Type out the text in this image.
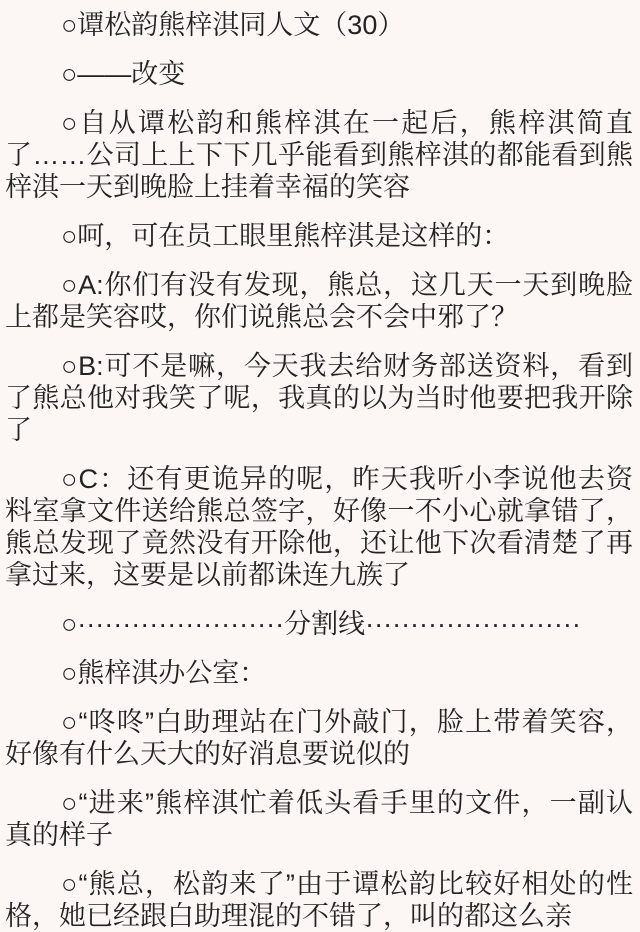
○谭松韵熊梓淇同人文（30）

○——改变

○自从谭松韵和熊梓淇在一起后，熊梓淇简直了……公司上上下下几乎能看到熊梓淇的都能看到熊梓淇一天到晚脸上挂着幸福的笑容

○呵，可在员工眼里熊梓淇是这样的：

○A:你们有没有发现，熊总，这几天一天到晚脸上都是笑容哎，你们说熊总会不会中邪了？

○B:可不是嘛，今天我去给财务部送资料，看到了熊总他对我笑了呢，我真的以为当时他要把我开除了

○C：还有更诡异的呢，昨天我听小李说他去资料室拿文件送给熊总签字，好像一不小心就拿错了，熊总发现了竟然没有开除他，还让他下次看清楚了再拿过来，这要是以前都诛连九族了

○·······················分割线························

○熊梓淇办公室：

○“咚咚”白助理站在门外敲门，脸上带着笑容，好像有什么天大的好消息要说似的

○“进来”熊梓淇忙着低头看手里的文件，一副认真的样子

○“熊总，松韵来了”由于谭松韵比较好相处的性格，她已经跟白助理混的不错了，叫的都这么亲
